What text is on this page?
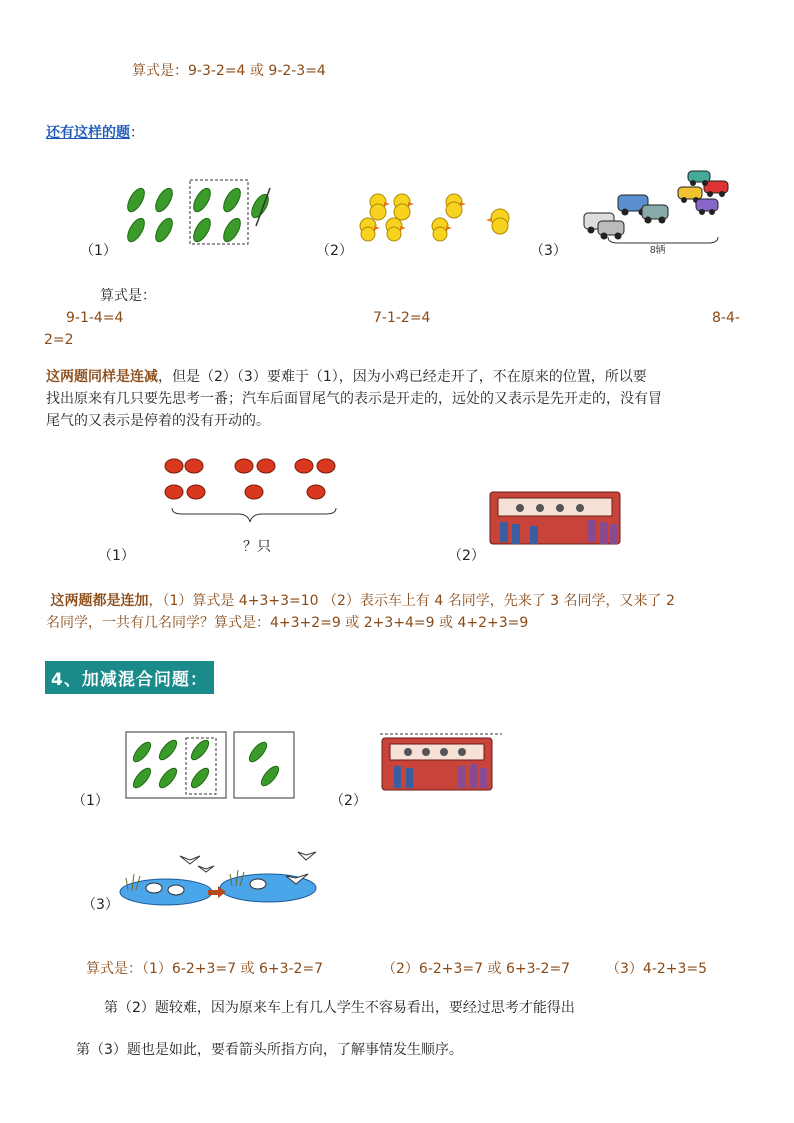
算式是：9-3-2=4 或 9-2-3=4
还有这样的题：
（1）	（2）	8辆
（3）
算式是：
9-1-4=4	7-1-2=4	8-4-
2=2
这两题同样是连减，但是（2）（3）要难于（1），因为小鸡已经走开了，不在原来的位置，所以要
找出原来有几只要先思考一番；汽车后面冒尾气的表示是开走的，远处的又表示是先开走的，没有冒
尾气的又表示是停着的没有开动的。
？只
（1）	（2）
这两题都是连加，（1）算式是 4+3+3=10 （2）表示车上有 4 名同学，先来了 3 名同学，又来了 2
名同学，一共有几名同学？算式是：4+3+2=9 或 2+3+4=9 或 4+2+3=9
4、加减混合问题：
（1）	（2）
（3）
算式是：（1）6-2+3=7 或 6+3-2=7	（2）6-2+3=7 或 6+3-2=7	（3）4-2+3=5
第（2）题较难，因为原来车上有几人学生不容易看出，要经过思考才能得出
第（3）题也是如此，要看箭头所指方向，了解事情发生顺序。
